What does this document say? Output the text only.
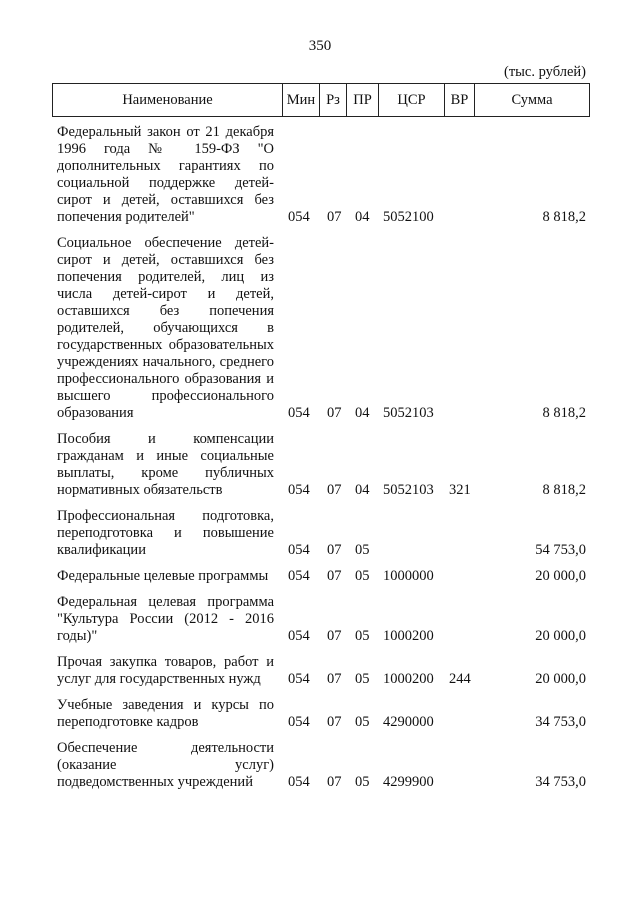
350
(тыс. рублей)
Наименование	Мин Рз ПР	ЦСР	ВР	Сумма
Федеральный закон от 21 декабря 1996 года № 159-ФЗ "О дополнительных гарантиях по социальной поддержке детей-сирот и детей, оставшихся без попечения родителей"	054 07 04 5052100	8 818,2
Социальное обеспечение детей-сирот и детей, оставшихся без попечения родителей, лиц из числа детей-сирот и детей, оставшихся без попечения родителей, обучающихся в государственных образовательных учреждениях начального, среднего профессионального образования и высшего профессионального образования	054 07 04 5052103	8 818,2
Пособия и компенсации гражданам и иные социальные выплаты, кроме публичных нормативных обязательств	054 07 04 5052103	321	8 818,2
Профессиональная подготовка, переподготовка и повышение квалификации	054 07 05	54 753,0
Федеральные целевые программы	054 07 05 1000000	20 000,0
Федеральная целевая программа "Культура России (2012 - 2016 годы)"	054 07 05 1000200	20 000,0
Прочая закупка товаров, работ и услуг для государственных нужд	054 07 05 1000200	244	20 000,0
Учебные заведения и курсы по переподготовке кадров	054 07 05 4290000	34 753,0
Обеспечение деятельности (оказание услуг) подведомственных учреждений	054 07 05 4299900	34 753,0
